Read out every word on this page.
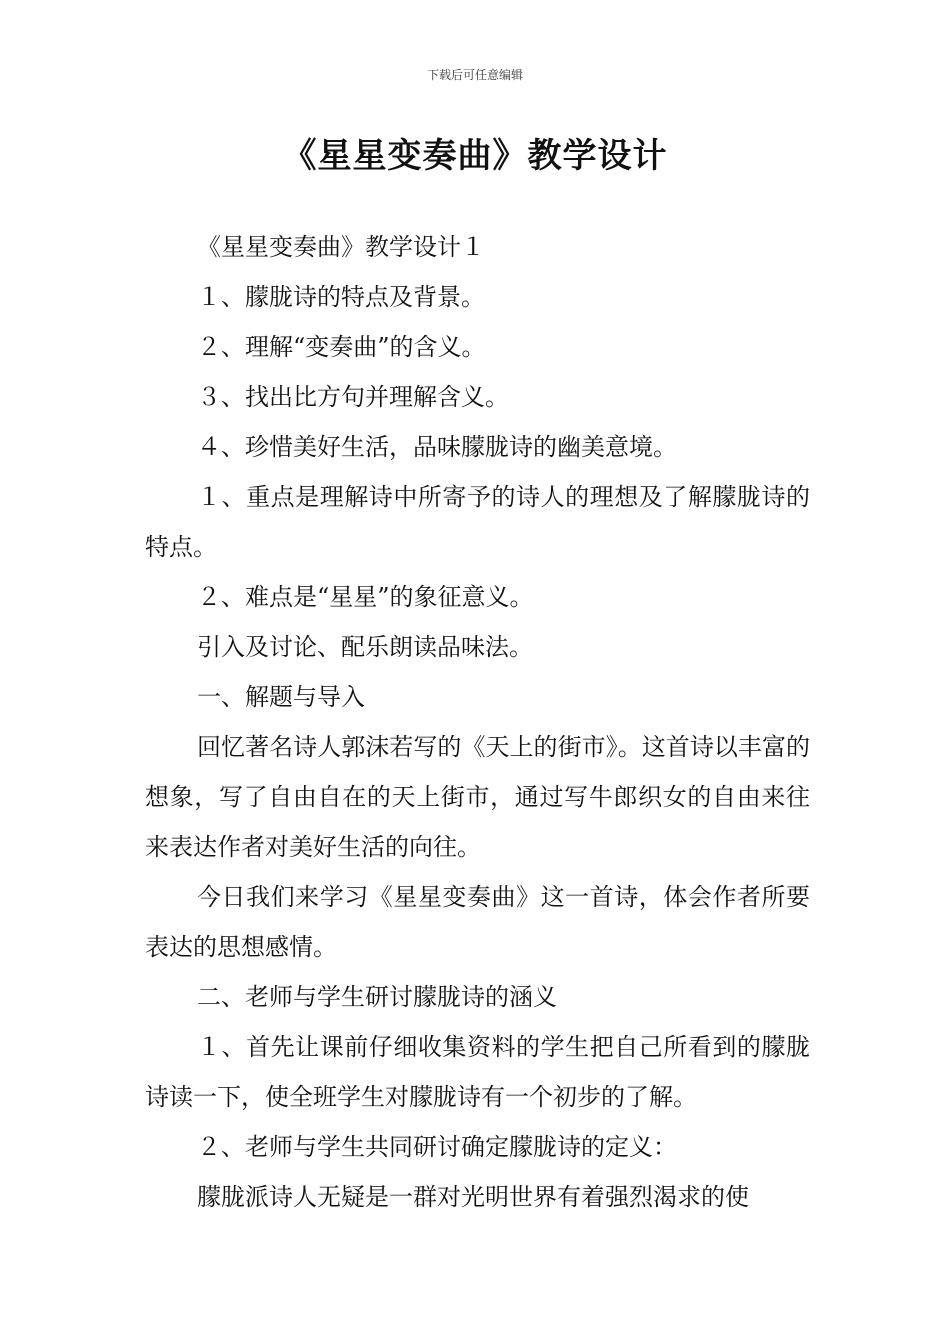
下载后可任意编辑
《星星变奏曲》教学设计

《星星变奏曲》教学设计１

１、朦胧诗的特点及背景。

２、理解“变奏曲”的含义。

３、找出比方句并理解含义。

４、珍惜美好生活，品味朦胧诗的幽美意境。

１、重点是理解诗中所寄予的诗人的理想及了解朦胧诗的特点。

２、难点是“星星”的象征意义。

引入及讨论、配乐朗读品味法。

一、解题与导入

回忆著名诗人郭沫若写的《天上的街市》。这首诗以丰富的想象，写了自由自在的天上街市，通过写牛郎织女的自由来往来表达作者对美好生活的向往。

今日我们来学习《星星变奏曲》这一首诗，体会作者所要表达的思想感情。

二、老师与学生研讨朦胧诗的涵义

１、首先让课前仔细收集资料的学生把自己所看到的朦胧诗读一下，使全班学生对朦胧诗有一个初步的了解。

２、老师与学生共同研讨确定朦胧诗的定义：

朦胧派诗人无疑是一群对光明世界有着强烈渴求的使
